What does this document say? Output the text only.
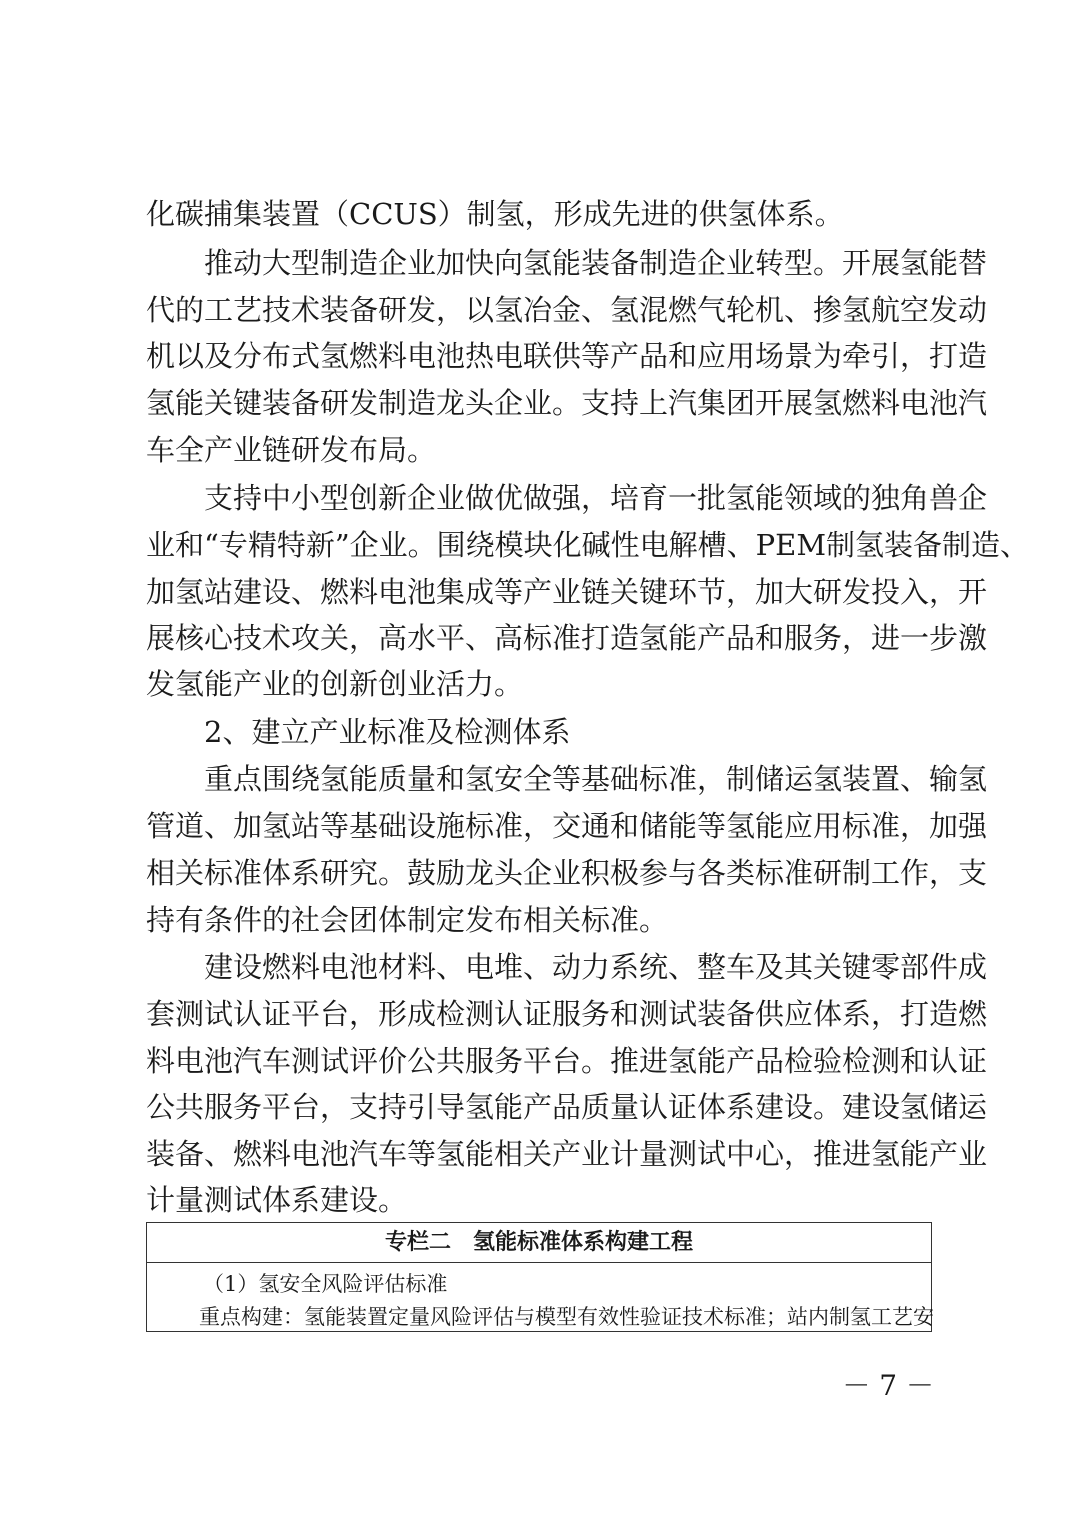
化碳捕集装置（CCUS）制氢，形成先进的供氢体系。
推动大型制造企业加快向氢能装备制造企业转型。开展氢能替
代的工艺技术装备研发，以氢冶金、氢混燃气轮机、掺氢航空发动
机以及分布式氢燃料电池热电联供等产品和应用场景为牵引，打造
氢能关键装备研发制造龙头企业。支持上汽集团开展氢燃料电池汽
车全产业链研发布局。
支持中小型创新企业做优做强，培育一批氢能领域的独角兽企
业和“专精特新”企业。围绕模块化碱性电解槽、PEM制氢装备制造、
加氢站建设、燃料电池集成等产业链关键环节，加大研发投入，开
展核心技术攻关，高水平、高标准打造氢能产品和服务，进一步激
发氢能产业的创新创业活力。
2、建立产业标准及检测体系
重点围绕氢能质量和氢安全等基础标准，制储运氢装置、输氢
管道、加氢站等基础设施标准，交通和储能等氢能应用标准，加强
相关标准体系研究。鼓励龙头企业积极参与各类标准研制工作，支
持有条件的社会团体制定发布相关标准。
建设燃料电池材料、电堆、动力系统、整车及其关键零部件成
套测试认证平台，形成检测认证服务和测试装备供应体系，打造燃
料电池汽车测试评价公共服务平台。推进氢能产品检验检测和认证
公共服务平台，支持引导氢能产品质量认证体系建设。建设氢储运
装备、燃料电池汽车等氢能相关产业计量测试中心，推进氢能产业
计量测试体系建设。
专栏二　氢能标准体系构建工程
（1）氢安全风险评估标准
重点构建：氢能装置定量风险评估与模型有效性验证技术标准；站内制氢工艺安
－ 7 －
